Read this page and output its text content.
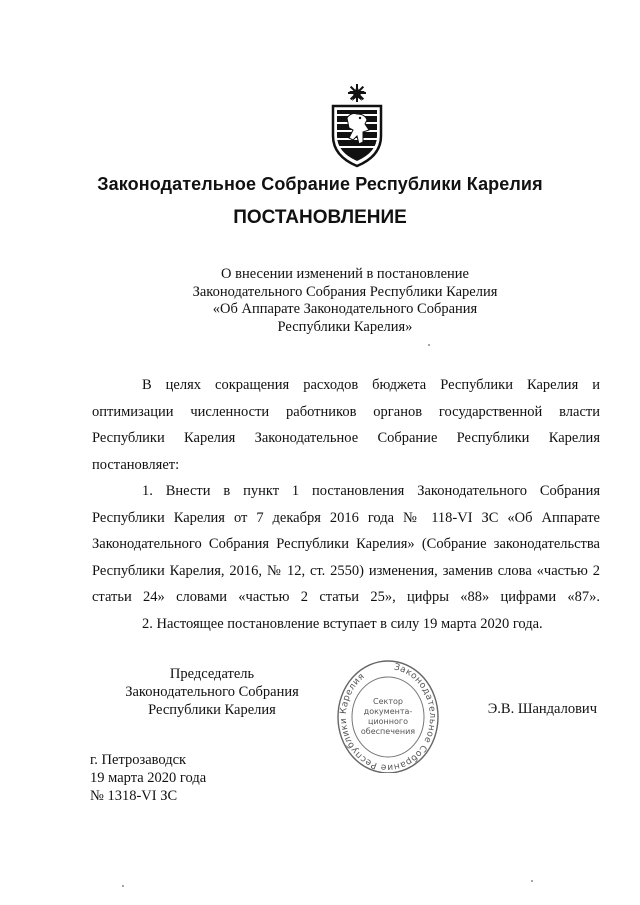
Законодательное Собрание Республики Карелия
ПОСТАНОВЛЕНИЕ
О внесении изменений в постановление
Законодательного Собрания Республики Карелия
«Об Аппарате Законодательного Собрания
Республики Карелия»

В целях сокращения расходов бюджета Республики Карелия и оптимизации численности работников органов государственной власти Республики Карелия Законодательное Собрание Республики Карелия постановляет:

1. Внести в пункт 1 постановления Законодательного Собрания Республики Карелия от 7 декабря 2016 года № 118-VI ЗС «Об Аппарате Законодательного Собрания Республики Карелия» (Собрание законодательства Республики Карелия, 2016, № 12, ст. 2550) изменения, заменив слова «частью 2 статьи 24» словами «частью 2 статьи 25», цифры «88» цифрами «87».

2. Настоящее постановление вступает в силу 19 марта 2020 года.

Председатель
Законодательного Собрания
Республики Карелия
Законодательное Собрание Республики Карелия
Сектор
документа-
ционного
обеспечения
Э.В. Шандалович
г. Петрозаводск
19 марта 2020 года
№ 1318-VI ЗС
